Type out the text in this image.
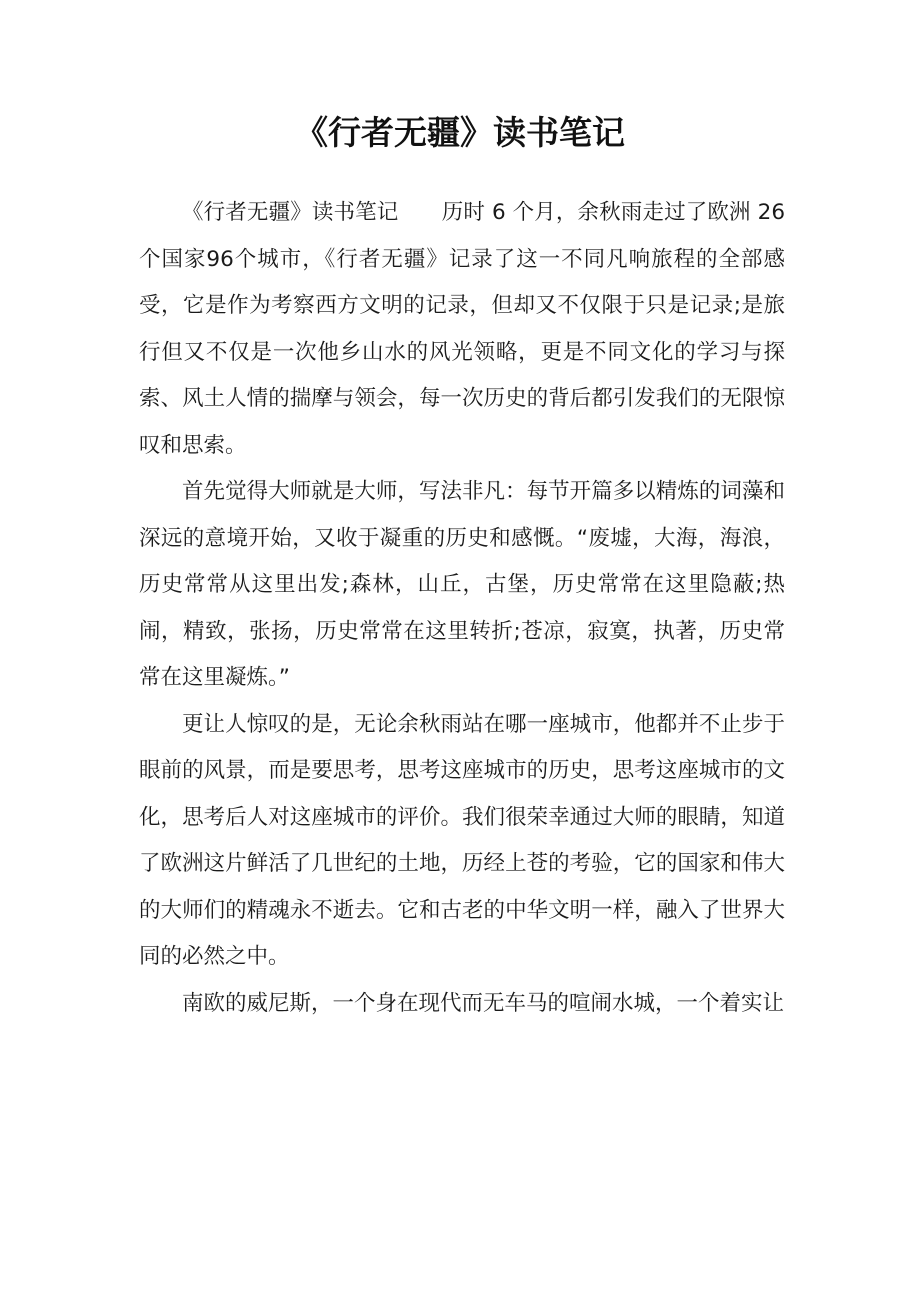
《行者无疆》读书笔记

《行者无疆》读书笔记　　历时 6 个月，余秋雨走过了欧洲 26 个国家96个城市，《行者无疆》记录了这一不同凡响旅程的全部感受，它是作为考察西方文明的记录，但却又不仅限于只是记录;是旅行但又不仅是一次他乡山水的风光领略，更是不同文化的学习与探索、风土人情的揣摩与领会，每一次历史的背后都引发我们的无限惊叹和思索。

首先觉得大师就是大师，写法非凡：每节开篇多以精炼的词藻和深远的意境开始，又收于凝重的历史和感慨。“废墟，大海，海浪，历史常常从这里出发;森林，山丘，古堡，历史常常在这里隐蔽;热闹，精致，张扬，历史常常在这里转折;苍凉，寂寞，执著，历史常常在这里凝炼。”

更让人惊叹的是，无论余秋雨站在哪一座城市，他都并不止步于眼前的风景，而是要思考，思考这座城市的历史，思考这座城市的文化，思考后人对这座城市的评价。我们很荣幸通过大师的眼睛，知道了欧洲这片鲜活了几世纪的土地，历经上苍的考验，它的国家和伟大的大师们的精魂永不逝去。它和古老的中华文明一样，融入了世界大同的必然之中。

南欧的威尼斯，一个身在现代而无车马的喧闹水城，一个着实让
